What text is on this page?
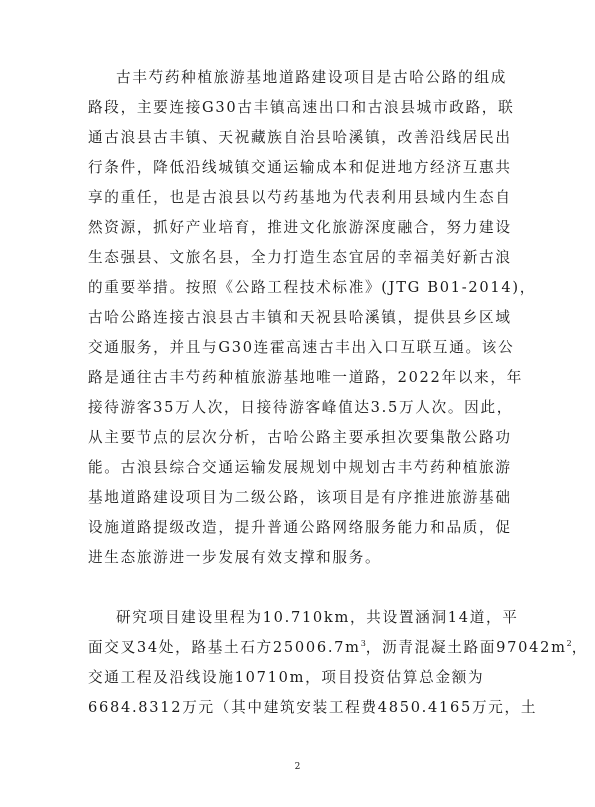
古丰芍药种植旅游基地道路建设项目是古哈公路的组成
路段，主要连接G30古丰镇高速出口和古浪县城市政路，联
通古浪县古丰镇、天祝藏族自治县哈溪镇，改善沿线居民出
行条件，降低沿线城镇交通运输成本和促进地方经济互惠共
享的重任，也是古浪县以芍药基地为代表利用县域内生态自
然资源，抓好产业培育，推进文化旅游深度融合，努力建设
生态强县、文旅名县，全力打造生态宜居的幸福美好新古浪
的重要举措。按照《公路工程技术标准》(JTG B01-2014)，
古哈公路连接古浪县古丰镇和天祝县哈溪镇，提供县乡区域
交通服务，并且与G30连霍高速古丰出入口互联互通。该公
路是通往古丰芍药种植旅游基地唯一道路，2022年以来，年
接待游客35万人次，日接待游客峰值达3.5万人次。因此，
从主要节点的层次分析，古哈公路主要承担次要集散公路功
能。古浪县综合交通运输发展规划中规划古丰芍药种植旅游
基地道路建设项目为二级公路，该项目是有序推进旅游基础
设施道路提级改造，提升普通公路网络服务能力和品质，促
进生态旅游进一步发展有效支撑和服务。
研究项目建设里程为10.710km，共设置涵洞14道，平
面交叉34处，路基土石方$25006.7m^3$，沥青混凝土路面$97042m^2$，
交通工程及沿线设施10710m，项目投资估算总金额为
6684.8312万元（其中建筑安装工程费4850.4165万元，土
2
